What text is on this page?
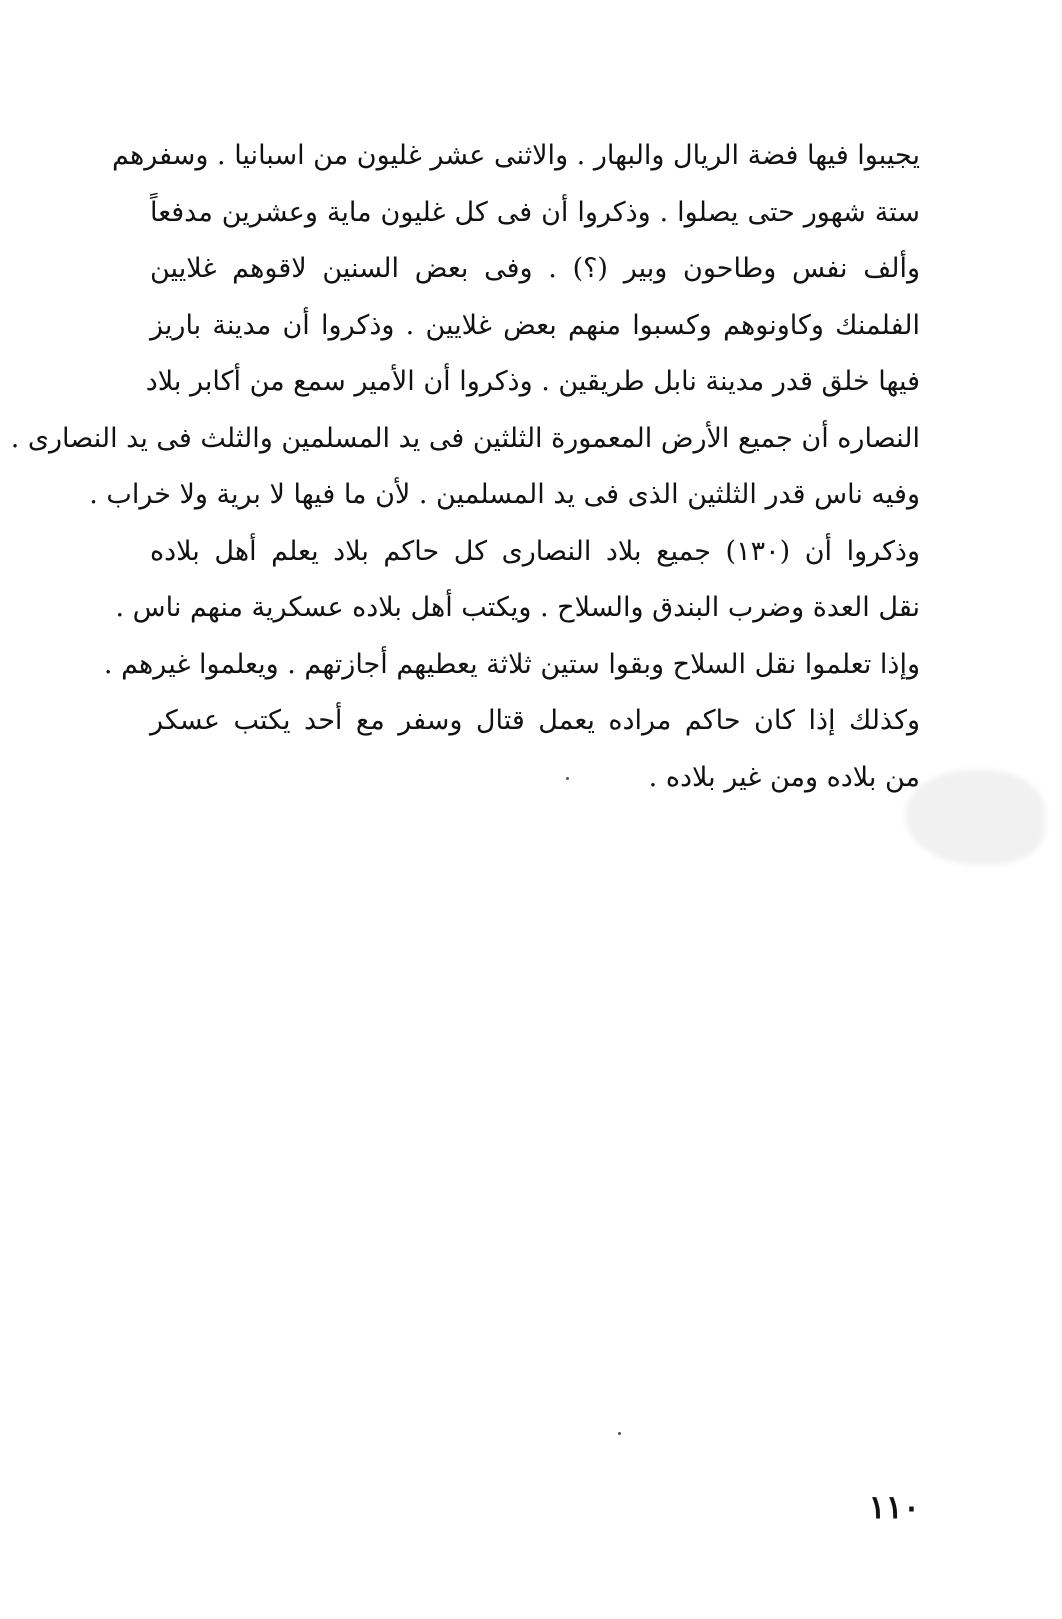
يجيبوا فيها فضة الريال والبهار . والاثنى عشر غليون من اسبانيا . وسفرهم
ستة شهور حتى يصلوا . وذكروا أن فى كل غليون ماية وعشرين مدفعاً
وألف نفس وطاحون وبير (؟) . وفى بعض السنين لاقوهم غلايين
الفلمنك وكاونوهم وكسبوا منهم بعض غلايين . وذكروا أن مدينة باريز
فيها خلق قدر مدينة نابل طريقين . وذكروا أن الأمير سمع من أكابر بلاد
النصاره أن جميع الأرض المعمورة الثلثين فى يد المسلمين والثلث فى يد النصارى .
وفيه ناس قدر الثلثين الذى فى يد المسلمين . لأن ما فيها لا برية ولا خراب .
وذكروا أن (١٣٠) جميع بلاد النصارى كل حاكم بلاد يعلم أهل بلاده
نقل العدة وضرب البندق والسلاح . ويكتب أهل بلاده عسكرية منهم ناس .
وإذا تعلموا نقل السلاح وبقوا ستين ثلاثة يعطيهم أجازتهم . ويعلموا غيرهم .
وكذلك إذا كان حاكم مراده يعمل قتال وسفر مع أحد يكتب عسكر
من بلاده ومن غير بلاده .
١١٠
